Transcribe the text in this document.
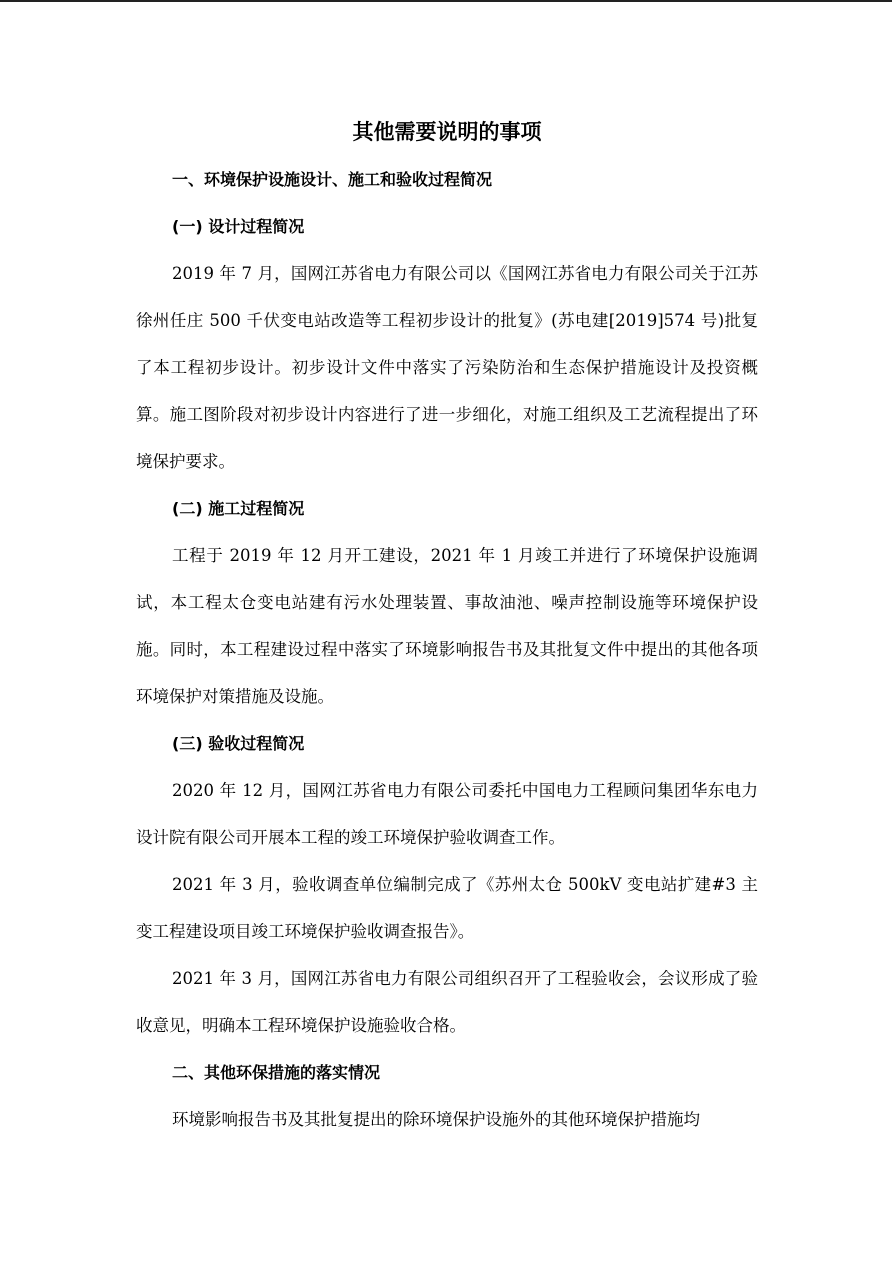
其他需要说明的事项
一、环境保护设施设计、施工和验收过程简况
(一) 设计过程简况

2019 年 7 月，国网江苏省电力有限公司以《国网江苏省电力有限公司关于江苏徐州任庄 500 千伏变电站改造等工程初步设计的批复》(苏电建[2019]574 号)批复了本工程初步设计。初步设计文件中落实了污染防治和生态保护措施设计及投资概算。施工图阶段对初步设计内容进行了进一步细化，对施工组织及工艺流程提出了环境保护要求。

(二) 施工过程简况

工程于 2019 年 12 月开工建设，2021 年 1 月竣工并进行了环境保护设施调试，本工程太仓变电站建有污水处理装置、事故油池、噪声控制设施等环境保护设施。同时，本工程建设过程中落实了环境影响报告书及其批复文件中提出的其他各项环境保护对策措施及设施。

(三) 验收过程简况

2020 年 12 月，国网江苏省电力有限公司委托中国电力工程顾问集团华东电力设计院有限公司开展本工程的竣工环境保护验收调查工作。

2021 年 3 月，验收调查单位编制完成了《苏州太仓 500kV 变电站扩建#3 主变工程建设项目竣工环境保护验收调查报告》。

2021 年 3 月，国网江苏省电力有限公司组织召开了工程验收会，会议形成了验收意见，明确本工程环境保护设施验收合格。

二、其他环保措施的落实情况

环境影响报告书及其批复提出的除环境保护设施外的其他环境保护措施均
